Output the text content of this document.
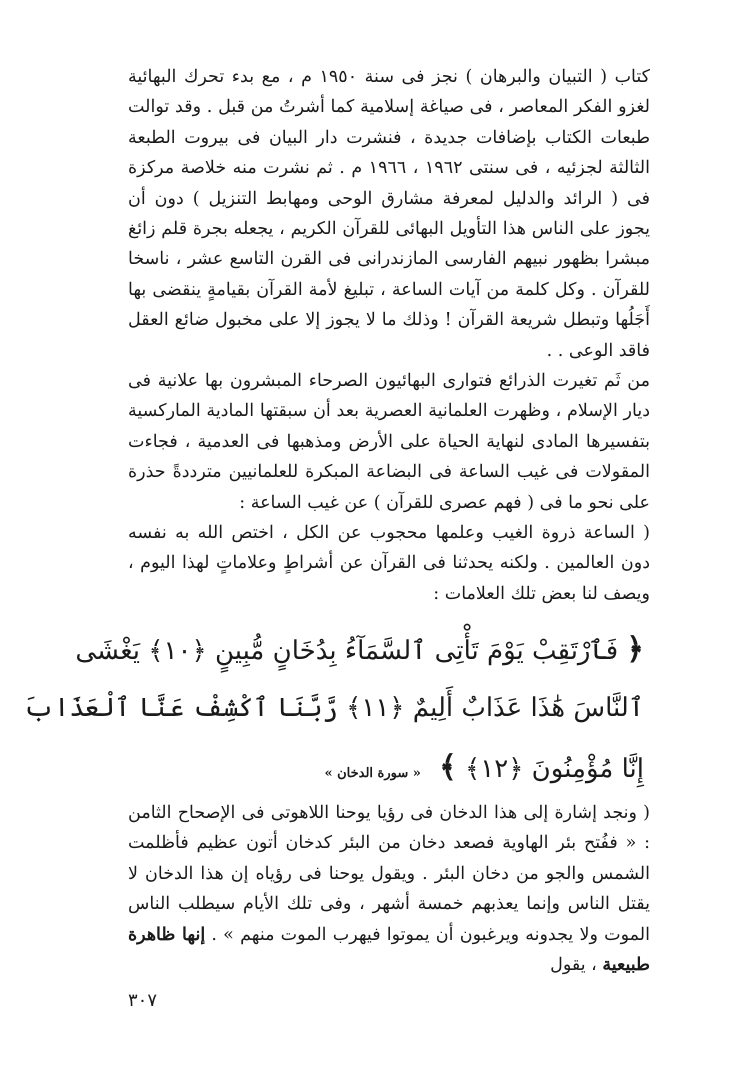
كتاب ( التبيان والبرهان ) نجز فى سنة ١٩٥٠ م ، مع بدء تحرك البهائية لغزو الفكر المعاصر ، فى صياغة إسلامية كما أشرتُ من قبل . وقد توالت طبعات الكتاب بإضافات جديدة ، فنشرت دار البيان فى بيروت الطبعة الثالثة لجزئيه ، فى سنتى ١٩٦٢ ، ١٩٦٦ م . ثم نشرت منه خلاصة مركزة فى ( الرائد والدليل لمعرفة مشارق الوحى ومهابط التنزيل ) دون أن يجوز على الناس هذا التأويل البهائى للقرآن الكريم ، يجعله بجرة قلم زائغ مبشرا بظهور نبيهم الفارسى المازندرانى فى القرن التاسع عشر ، ناسخا للقرآن . وكل كلمة من آيات الساعة ، تبليغ لأمة القرآن بقيامةٍ ينقضى بها أَجَلُها وتبطل شريعة القرآن ! وذلك ما لا يجوز إلا على مخبول ضائع العقل فاقد الوعى . .

من ثَم تغيرت الذرائع فتوارى البهائيون الصرحاء المبشرون بها علانية فى ديار الإسلام ، وظهرت العلمانية العصرية بعد أن سبقتها المادية الماركسية بتفسيرها المادى لنهاية الحياة على الأرض ومذهبها فى العدمية ، فجاءت المقولات فى غيب الساعة فى البضاعة المبكرة للعلمانيين مترددةً حذرة على نحو ما فى ( فهم عصرى للقرآن ) عن غيب الساعة :

( الساعة ذروة الغيب وعلمها محجوب عن الكل ، اختص الله به نفسه دون العالمين . ولكنه يحدثنا فى القرآن عن أشراطٍ وعلاماتٍ لهذا اليوم ، ويصف لنا بعض تلك العلامات :

﴿ فَٱرْتَقِبْ يَوْمَ تَأْتِى ٱلسَّمَآءُ بِدُخَانٍ مُّبِينٍ ﴿١٠﴾ يَغْشَى
ٱلنَّاسَ هَٰذَا عَذَابٌ أَلِيمٌ ﴿١١﴾ رَّبَّنَا ٱكْشِفْ عَنَّا ٱلْعَذَابَ
إِنَّا مُؤْمِنُونَ ﴿١٢﴾ ﴾ « سورة الدخان »

( ونجد إشارة إلى هذا الدخان فى رؤيا يوحنا اللاهوتى فى الإصحاح الثامن : « ففُتح بئر الهاوية فصعد دخان من البئر كدخان أتون عظيم فأظلمت الشمس والجو من دخان البئر . ويقول يوحنا فى رؤياه إن هذا الدخان لا يقتل الناس وإنما يعذبهم خمسة أشهر ، وفى تلك الأيام سيطلب الناس الموت ولا يجدونه ويرغبون أن يموتوا فيهرب الموت منهم » . إنها ظاهرة طبيعية ، يقول

٣٠٧
